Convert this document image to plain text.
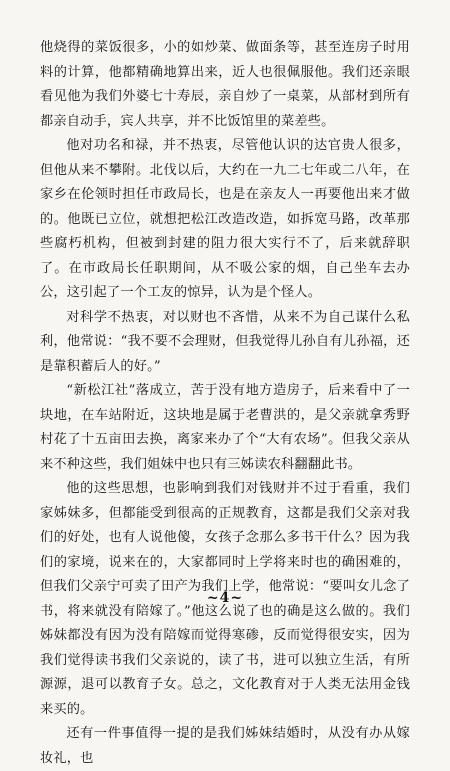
他烧得的菜饭很多，小的如炒菜、做面条等，甚至连房子时用料的计算，他都精确地算出来，近人也很佩服他。我们还亲眼看见他为我们外婆七十寿辰，亲自炒了一桌菜，从部材到所有都亲自动手，宾人共享，并不比饭馆里的菜差些。

他对功名和禄，并不热衷，尽管他认识的达官贵人很多，但他从来不攀附。北伐以后，大约在一九二七年或二八年，在家乡在伦领时担任市政局长，也是在亲友人一再要他出来才做的。他既已立位，就想把松江改造改造，如拆宽马路，改革那些腐朽机构，但被到封建的阻力很大实行不了，后来就辞职了。在市政局长任职期间，从不吸公家的烟，自己坐车去办公，这引起了一个工友的惊异，认为是个怪人。

对科学不热衷，对以财也不吝惜，从来不为自己谋什么私利，他常说：“我不要不会理财，但我觉得儿孙自有儿孙福，还是靠积蓄后人的好。”

“新松江社”落成立，苦于没有地方造房子，后来看中了一块地，在车站附近，这块地是属于老曹洪的，是父亲就拿秀野村花了十五亩田去换，离家来办了个“大有农场”。但我父亲从来不种这些，我们姐妹中也只有三姊读农科翻翻此书。

他的这些思想，也影响到我们对钱财并不过于看重，我们家姊妹多，但都能受到很高的正规教育，这都是我们父亲对我们的好处，也有人说他傻，女孩子念那么多书干什么？因为我们的家境，说来在的，大家都同时上学将来时也的确困难的，但我们父亲宁可卖了田产为我们上学，他常说：“要叫女儿念了书，将来就没有陪嫁了。”他这么说了也的确是这么做的。我们姊妹都没有因为没有陪嫁而觉得寒碜，反而觉得很安实，因为我们觉得读书我们父亲说的，读了书，进可以独立生活，有所源源，退可以教育子女。总之，文化教育对于人类无法用金钱来买的。

还有一件事值得一提的是我们姊妹结婚时，从没有办从嫁妆礼，也

~4~
